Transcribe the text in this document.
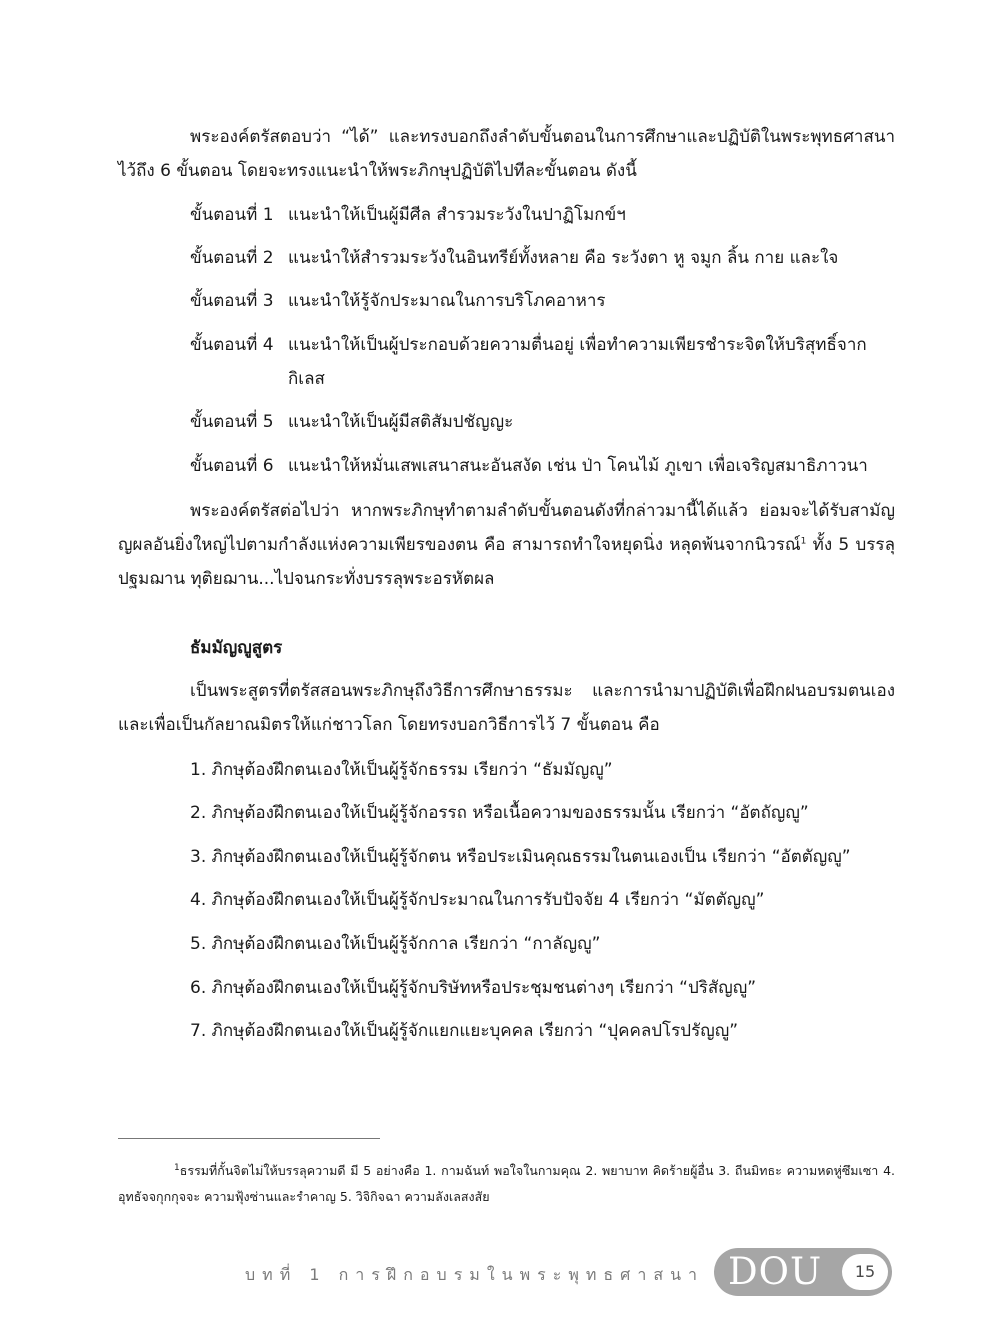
พระองค์ตรัสตอบว่า “ได้” และทรงบอกถึงลำดับขั้นตอนในการศึกษาและปฏิบัติในพระพุทธศาสนาไว้ถึง 6 ขั้นตอน โดยจะทรงแนะนำให้พระภิกษุปฏิบัติไปทีละขั้นตอน ดังนี้

ขั้นตอนที่ 1 แนะนำให้เป็นผู้มีศีล สำรวมระวังในปาฏิโมกข์ฯ
ขั้นตอนที่ 2 แนะนำให้สำรวมระวังในอินทรีย์ทั้งหลาย คือ ระวังตา หู จมูก ลิ้น กาย และใจ
ขั้นตอนที่ 3 แนะนำให้รู้จักประมาณในการบริโภคอาหาร
ขั้นตอนที่ 4 แนะนำให้เป็นผู้ประกอบด้วยความตื่นอยู่ เพื่อทำความเพียรชำระจิตให้บริสุทธิ์จากกิเลส
ขั้นตอนที่ 5 แนะนำให้เป็นผู้มีสติสัมปชัญญะ
ขั้นตอนที่ 6 แนะนำให้หมั่นเสพเสนาสนะอันสงัด เช่น ป่า โคนไม้ ภูเขา เพื่อเจริญสมาธิภาวนา

พระองค์ตรัสต่อไปว่า หากพระภิกษุทำตามลำดับขั้นตอนดังที่กล่าวมานี้ได้แล้ว ย่อมจะได้รับสามัญญผลอันยิ่งใหญ่ไปตามกำลังแห่งความเพียรของตน คือ สามารถทำใจหยุดนิ่ง หลุดพ้นจากนิวรณ์$^1$ ทั้ง 5 บรรลุปฐมฌาน ทุติยฌาน...ไปจนกระทั่งบรรลุพระอรหัตผล

ธัมมัญญูสูตร

เป็นพระสูตรที่ตรัสสอนพระภิกษุถึงวิธีการศึกษาธรรมะ และการนำมาปฏิบัติเพื่อฝึกฝนอบรมตนเองและเพื่อเป็นกัลยาณมิตรให้แก่ชาวโลก โดยทรงบอกวิธีการไว้ 7 ขั้นตอน คือ

1. ภิกษุต้องฝึกตนเองให้เป็นผู้รู้จักธรรม เรียกว่า “ธัมมัญญู”
2. ภิกษุต้องฝึกตนเองให้เป็นผู้รู้จักอรรถ หรือเนื้อความของธรรมนั้น เรียกว่า “อัตถัญญู”
3. ภิกษุต้องฝึกตนเองให้เป็นผู้รู้จักตน หรือประเมินคุณธรรมในตนเองเป็น เรียกว่า “อัตตัญญู”
4. ภิกษุต้องฝึกตนเองให้เป็นผู้รู้จักประมาณในการรับปัจจัย 4 เรียกว่า “มัตตัญญู”
5. ภิกษุต้องฝึกตนเองให้เป็นผู้รู้จักกาล เรียกว่า “กาลัญญู”
6. ภิกษุต้องฝึกตนเองให้เป็นผู้รู้จักบริษัทหรือประชุมชนต่างๆ เรียกว่า “ปริสัญญู”
7. ภิกษุต้องฝึกตนเองให้เป็นผู้รู้จักแยกแยะบุคคล เรียกว่า “ปุคคลปโรปรัญญู”

$^1$ธรรมที่กั้นจิตไม่ให้บรรลุความดี มี 5 อย่างคือ 1. กามฉันท์ พอใจในกามคุณ 2. พยาบาท คิดร้ายผู้อื่น 3. ถีนมิทธะ ความหดหู่ซึมเซา 4. อุทธัจจกุกกุจจะ ความฟุ้งซ่านและรำคาญ 5. วิจิกิจฉา ความลังเลสงสัย

บทที่ 1 การฝึกอบรมในพระพุทธศาสนา DOU	15
